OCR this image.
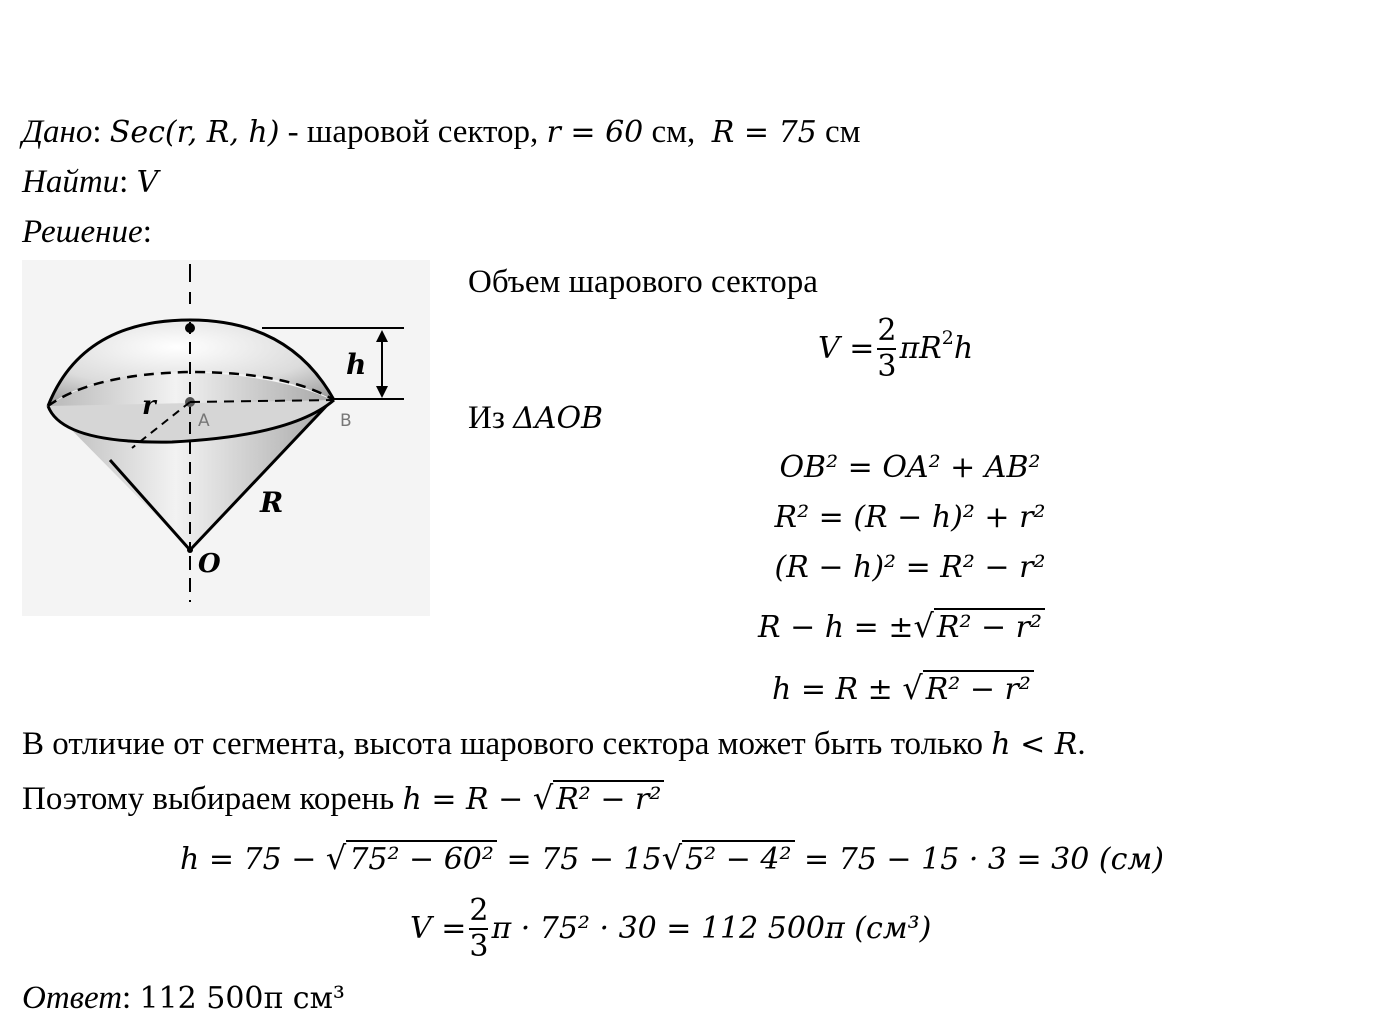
Дано: Sec(r, R, h) - шаровой сектор, r = 60 см,  R = 75 см
Найти: V
Решение:
h
r A	B
R
O
Объем шарового сектора
$V = \frac{2}{3} \pi R^2h$
Из ΔAOB
OB² = OA² + AB²
R² = (R − h)² + r²
(R − h)² = R² − r²
R − h = ±√ R² − r²
h = R ± √ R² − r²
В отличие от сегмента, высота шарового сектора может быть только h < R.
Поэтому выбираем корень h = R − √ R² − r²
h = 75 − √ 75² − 60² = 75 − 15√ 5² − 4² = 75 − 15 · 3 = 30 (см)
$V = \frac{2}{3}$ π · 75² · 30 = 112 500π (см³)
Ответ: 112 500π см³
